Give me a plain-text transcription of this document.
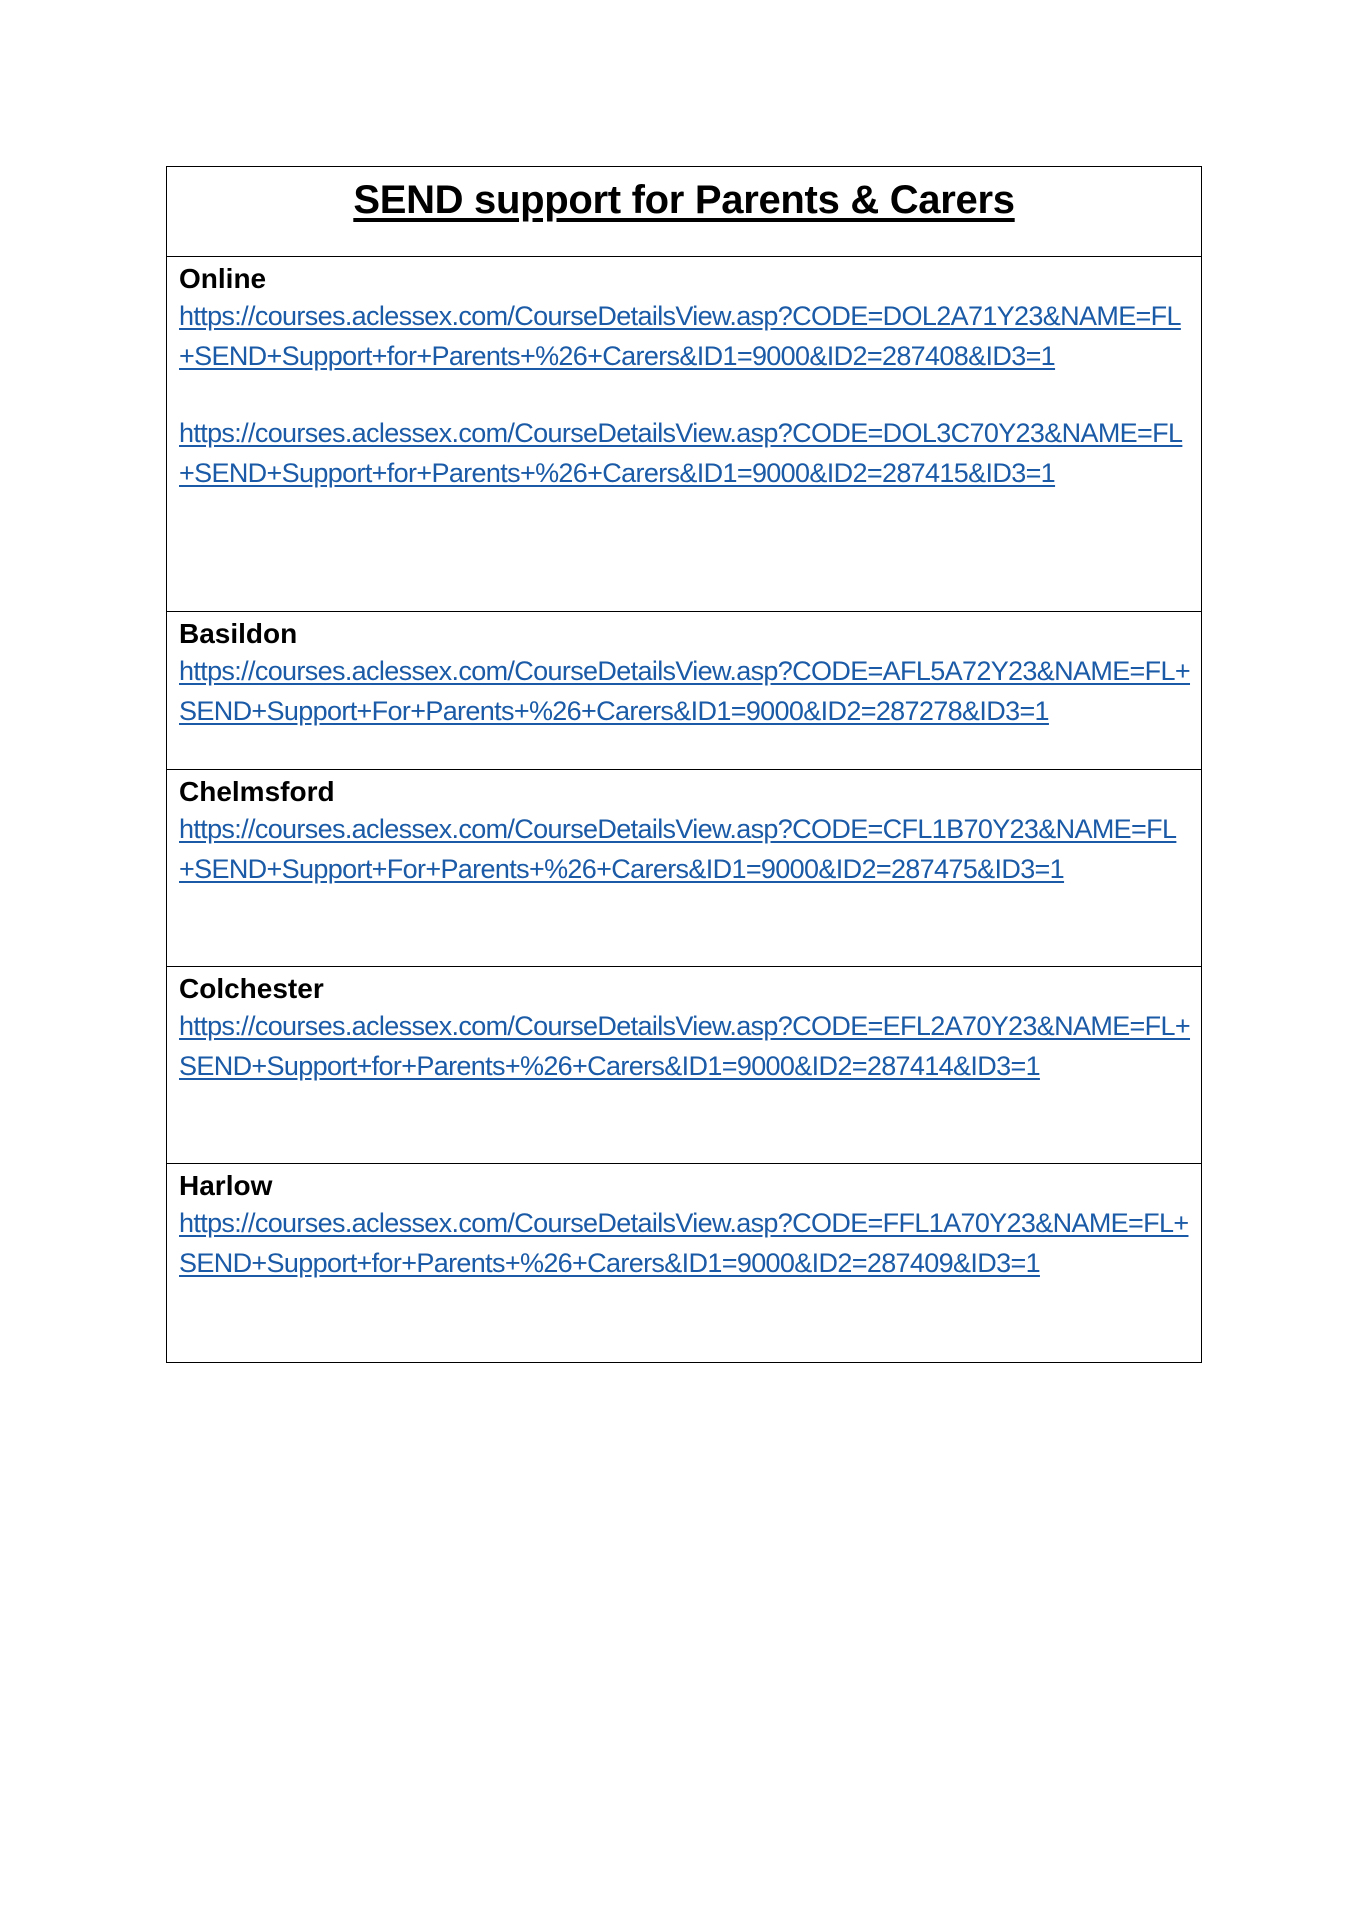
SEND support for Parents & Carers
Online
https://courses.aclessex.com/CourseDetailsView.asp?CODE=DOL2A71Y23&NAME=FL+SEND+Support+for+Parents+%26+Carers&ID1=9000&ID2=287408&ID3=1
https://courses.aclessex.com/CourseDetailsView.asp?CODE=DOL3C70Y23&NAME=FL+SEND+Support+for+Parents+%26+Carers&ID1=9000&ID2=287415&ID3=1
Basildon
https://courses.aclessex.com/CourseDetailsView.asp?CODE=AFL5A72Y23&NAME=FL+SEND+Support+For+Parents+%26+Carers&ID1=9000&ID2=287278&ID3=1
Chelmsford
https://courses.aclessex.com/CourseDetailsView.asp?CODE=CFL1B70Y23&NAME=FL+SEND+Support+For+Parents+%26+Carers&ID1=9000&ID2=287475&ID3=1
Colchester
https://courses.aclessex.com/CourseDetailsView.asp?CODE=EFL2A70Y23&NAME=FL+SEND+Support+for+Parents+%26+Carers&ID1=9000&ID2=287414&ID3=1
Harlow
https://courses.aclessex.com/CourseDetailsView.asp?CODE=FFL1A70Y23&NAME=FL+SEND+Support+for+Parents+%26+Carers&ID1=9000&ID2=287409&ID3=1
